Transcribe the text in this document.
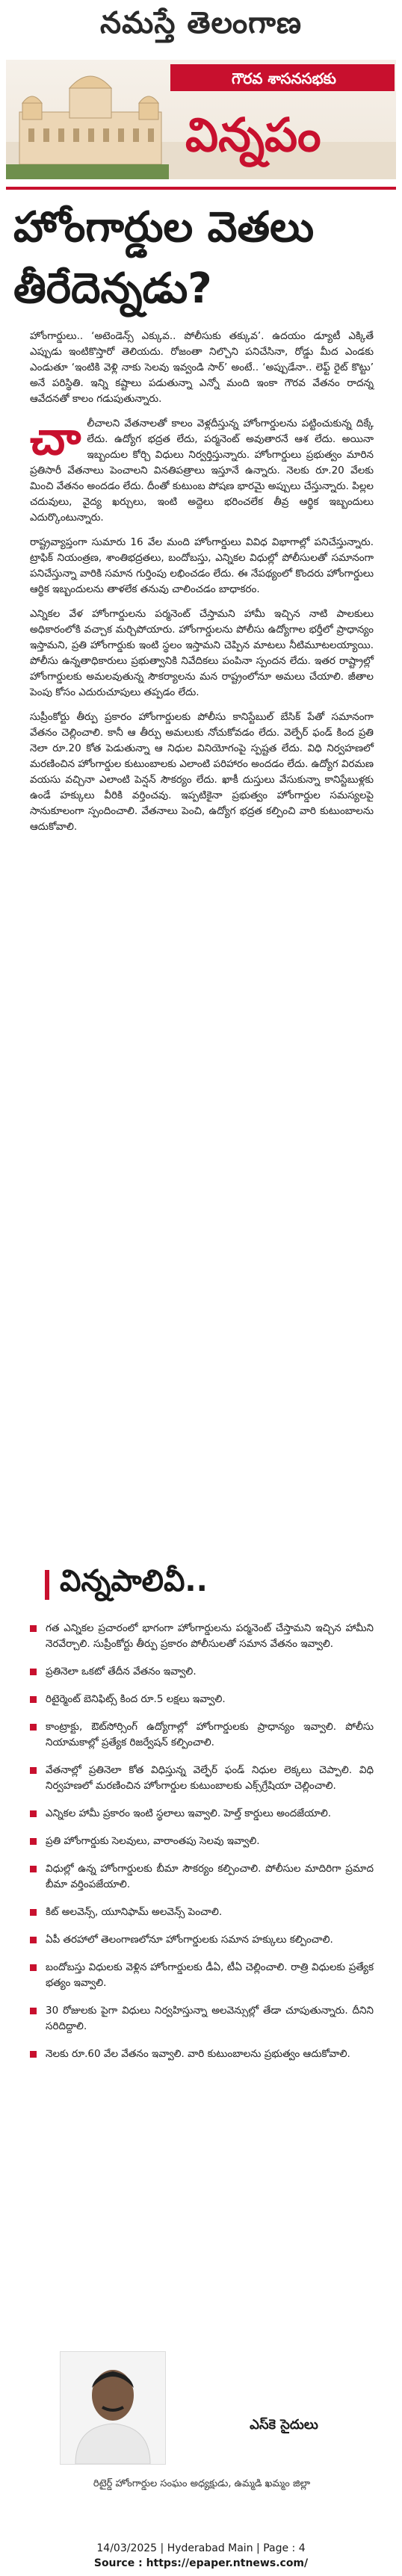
నమస్తే తెలంగాణ
గౌరవ శాసనసభకు
విన్నపం
హోంగార్డుల వెతలు తీరేదెన్నడు?

హోంగార్డులు.. ‘అటెండెన్స్‌ ఎక్కువ.. పోలీసుకు తక్కువ’. ఉదయం డ్యూటీ ఎక్కితే ఎప్పుడు ఇంటికొస్తారో తెలియదు. రోజంతా నిల్చొని పనిచేసినా, రోడ్డు మీద ఎండకు ఎండుతూ ‘ఇంటికి వెళ్లి నాకు సెలవు ఇవ్వండి సార్‌’ అంటే.. ‘అప్పుడేనా.. లెఫ్ట్‌ రైట్‌ కొట్టు’ అనే పరిస్థితి. ఇన్ని కష్టాలు పడుతున్నా ఎన్నో మంది ఇంకా గౌరవ వేతనం రాదన్న ఆవేదనతో కాలం గడుపుతున్నారు.

చా లీచాలని వేతనాలతో కాలం వెళ్లదీస్తున్న హోంగార్డులను పట్టించుకున్న దిక్కే లేదు. ఉద్యోగ భద్రత లేదు, పర్మనెంట్‌ అవుతారనే ఆశ లేదు. అయినా ఇబ్బందుల కోర్చి విధులు నిర్వర్తిస్తున్నారు. హోంగార్డులు ప్రభుత్వం మారిన ప్రతిసారీ వేతనాలు పెంచాలని వినతిపత్రాలు ఇస్తూనే ఉన్నారు. నెలకు రూ.20 వేలకు మించి వేతనం అందడం లేదు. దీంతో కుటుంబ పోషణ భారమై అప్పులు చేస్తున్నారు. పిల్లల చదువులు, వైద్య ఖర్చులు, ఇంటి అద్దెలు భరించలేక తీవ్ర ఆర్థిక ఇబ్బందులు ఎదుర్కొంటున్నారు.

రాష్ట్రవ్యాప్తంగా సుమారు 16 వేల మంది హోంగార్డులు వివిధ విభాగాల్లో పనిచేస్తున్నారు. ట్రాఫిక్‌ నియంత్రణ, శాంతిభద్రతలు, బందోబస్తు, ఎన్నికల విధుల్లో పోలీసులతో సమానంగా పనిచేస్తున్నా వారికి సమాన గుర్తింపు లభించడం లేదు. ఈ నేపథ్యంలో కొందరు హోంగార్డులు ఆర్థిక ఇబ్బందులను తాళలేక తనువు చాలించడం బాధాకరం.

ఎన్నికల వేళ హోంగార్డులను పర్మనెంట్‌ చేస్తామని హామీ ఇచ్చిన నాటి పాలకులు అధికారంలోకి వచ్చాక మర్చిపోయారు. హోంగార్డులను పోలీసు ఉద్యోగాల భర్తీలో ప్రాధాన్యం ఇస్తామని, ప్రతి హోంగార్డుకు ఇంటి స్థలం ఇస్తామని చెప్పిన మాటలు నీటిమూటలయ్యాయి. పోలీసు ఉన్నతాధికారులు ప్రభుత్వానికి నివేదికలు పంపినా స్పందన లేదు. ఇతర రాష్ట్రాల్లో హోంగార్డులకు అమలవుతున్న సౌకర్యాలను మన రాష్ట్రంలోనూ అమలు చేయాలి. జీతాల పెంపు కోసం ఎదురుచూపులు తప్పడం లేదు.

సుప్రీంకోర్టు తీర్పు ప్రకారం హోంగార్డులకు పోలీసు కానిస్టేబుల్‌ బేసిక్‌ పేతో సమానంగా వేతనం చెల్లించాలి. కానీ ఆ తీర్పు అమలుకు నోచుకోవడం లేదు. వెల్ఫేర్‌ ఫండ్‌ కింద ప్రతి నెలా రూ.20 కోత పెడుతున్నా ఆ నిధుల వినియోగంపై స్పష్టత లేదు. విధి నిర్వహణలో మరణించిన హోంగార్డుల కుటుంబాలకు ఎలాంటి పరిహారం అందడం లేదు. ఉద్యోగ విరమణ వయసు వచ్చినా ఎలాంటి పెన్షన్‌ సౌకర్యం లేదు. ఖాకీ దుస్తులు వేసుకున్నా కానిస్టేబుళ్లకు ఉండే హక్కులు వీరికి వర్తించవు. ఇప్పటికైనా ప్రభుత్వం హోంగార్డుల సమస్యలపై సానుకూలంగా స్పందించాలి. వేతనాలు పెంచి, ఉద్యోగ భద్రత కల్పించి వారి కుటుంబాలను ఆదుకోవాలి.

విన్నపాలివీ..
గత ఎన్నికల ప్రచారంలో భాగంగా హోంగార్డులను పర్మనెంట్‌ చేస్తామని ఇచ్చిన హామీని నెరవేర్చాలి. సుప్రీంకోర్టు తీర్పు ప్రకారం పోలీసులతో సమాన వేతనం ఇవ్వాలి.
ప్రతినెలా ఒకటో తేదీన వేతనం ఇవ్వాలి.
రిటైర్మెంట్‌ బెనిఫిట్స్‌ కింద రూ.5 లక్షలు ఇవ్వాలి.
కాంట్రాక్టు, ఔట్‌సోర్సింగ్‌ ఉద్యోగాల్లో హోంగార్డులకు ప్రాధాన్యం ఇవ్వాలి. పోలీసు నియామకాల్లో ప్రత్యేక రిజర్వేషన్‌ కల్పించాలి.
వేతనాల్లో ప్రతినెలా కోత విధిస్తున్న వెల్ఫేర్‌ ఫండ్‌ నిధుల లెక్కలు చెప్పాలి. విధి నిర్వహణలో మరణించిన హోంగార్డుల కుటుంబాలకు ఎక్స్‌గ్రేషియా చెల్లించాలి.
ఎన్నికల హామీ ప్రకారం ఇంటి స్థలాలు ఇవ్వాలి. హెల్త్‌ కార్డులు అందజేయాలి.
ప్రతి హోంగార్డుకు సెలవులు, వారాంతపు సెలవు ఇవ్వాలి.
విధుల్లో ఉన్న హోంగార్డులకు బీమా సౌకర్యం కల్పించాలి. పోలీసుల మాదిరిగా ప్రమాద బీమా వర్తింపజేయాలి.
కిట్‌ అలవెన్స్‌, యూనిఫామ్‌ అలవెన్స్‌ పెంచాలి.
ఏపీ తరహాలో తెలంగాణలోనూ హోంగార్డులకు సమాన హక్కులు కల్పించాలి.
బందోబస్తు విధులకు వెళ్లిన హోంగార్డులకు డీఏ, టీఏ చెల్లించాలి. రాత్రి విధులకు ప్రత్యేక భత్యం ఇవ్వాలి.
30 రోజులకు పైగా విధులు నిర్వహిస్తున్నా అలవెన్సుల్లో తేడా చూపుతున్నారు. దీనిని సరిదిద్దాలి.
నెలకు రూ.60 వేల వేతనం ఇవ్వాలి. వారి కుటుంబాలను ప్రభుత్వం ఆదుకోవాలి.
ఎస్‌కె సైదులు
రిటైర్డ్‌ హోంగార్డుల సంఘం అధ్యక్షుడు, ఉమ్మడి ఖమ్మం జిల్లా
14/03/2025 | Hyderabad Main | Page : 4
Source : https://epaper.ntnews.com/
